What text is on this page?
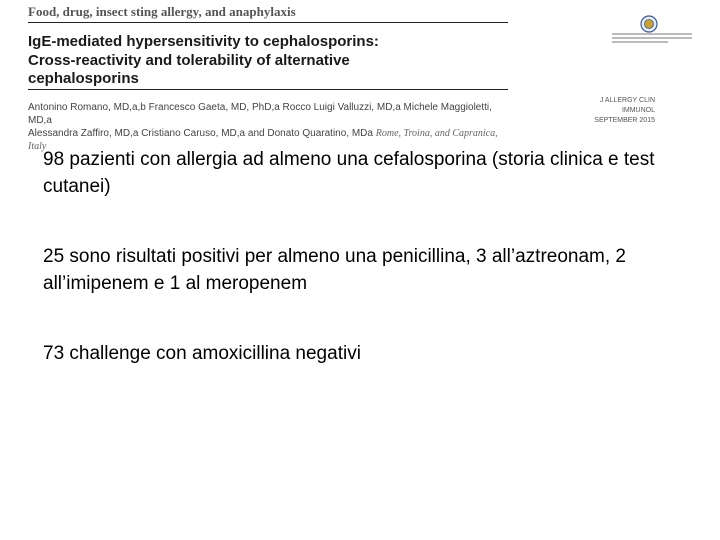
Food, drug, insect sting allergy, and anaphylaxis
IgE-mediated hypersensitivity to cephalosporins:
Cross-reactivity and tolerability of alternative
cephalosporins
Antonino Romano, MD,a,b Francesco Gaeta, MD, PhD,a Rocco Luigi Valluzzi, MD,a Michele Maggioletti, MD,a
Alessandra Zaffiro, MD,a Cristiano Caruso, MD,a and Donato Quaratino, MDa Rome, Troina, and Capranica, Italy
J ALLERGY CLIN IMMUNOL
SEPTEMBER 2015

98 pazienti con allergia ad almeno una cefalosporina (storia clinica e test cutanei)

25 sono risultati positivi per almeno una penicillina, 3 all’aztreonam, 2 all’imipenem e 1 al meropenem

73 challenge con amoxicillina negativi
